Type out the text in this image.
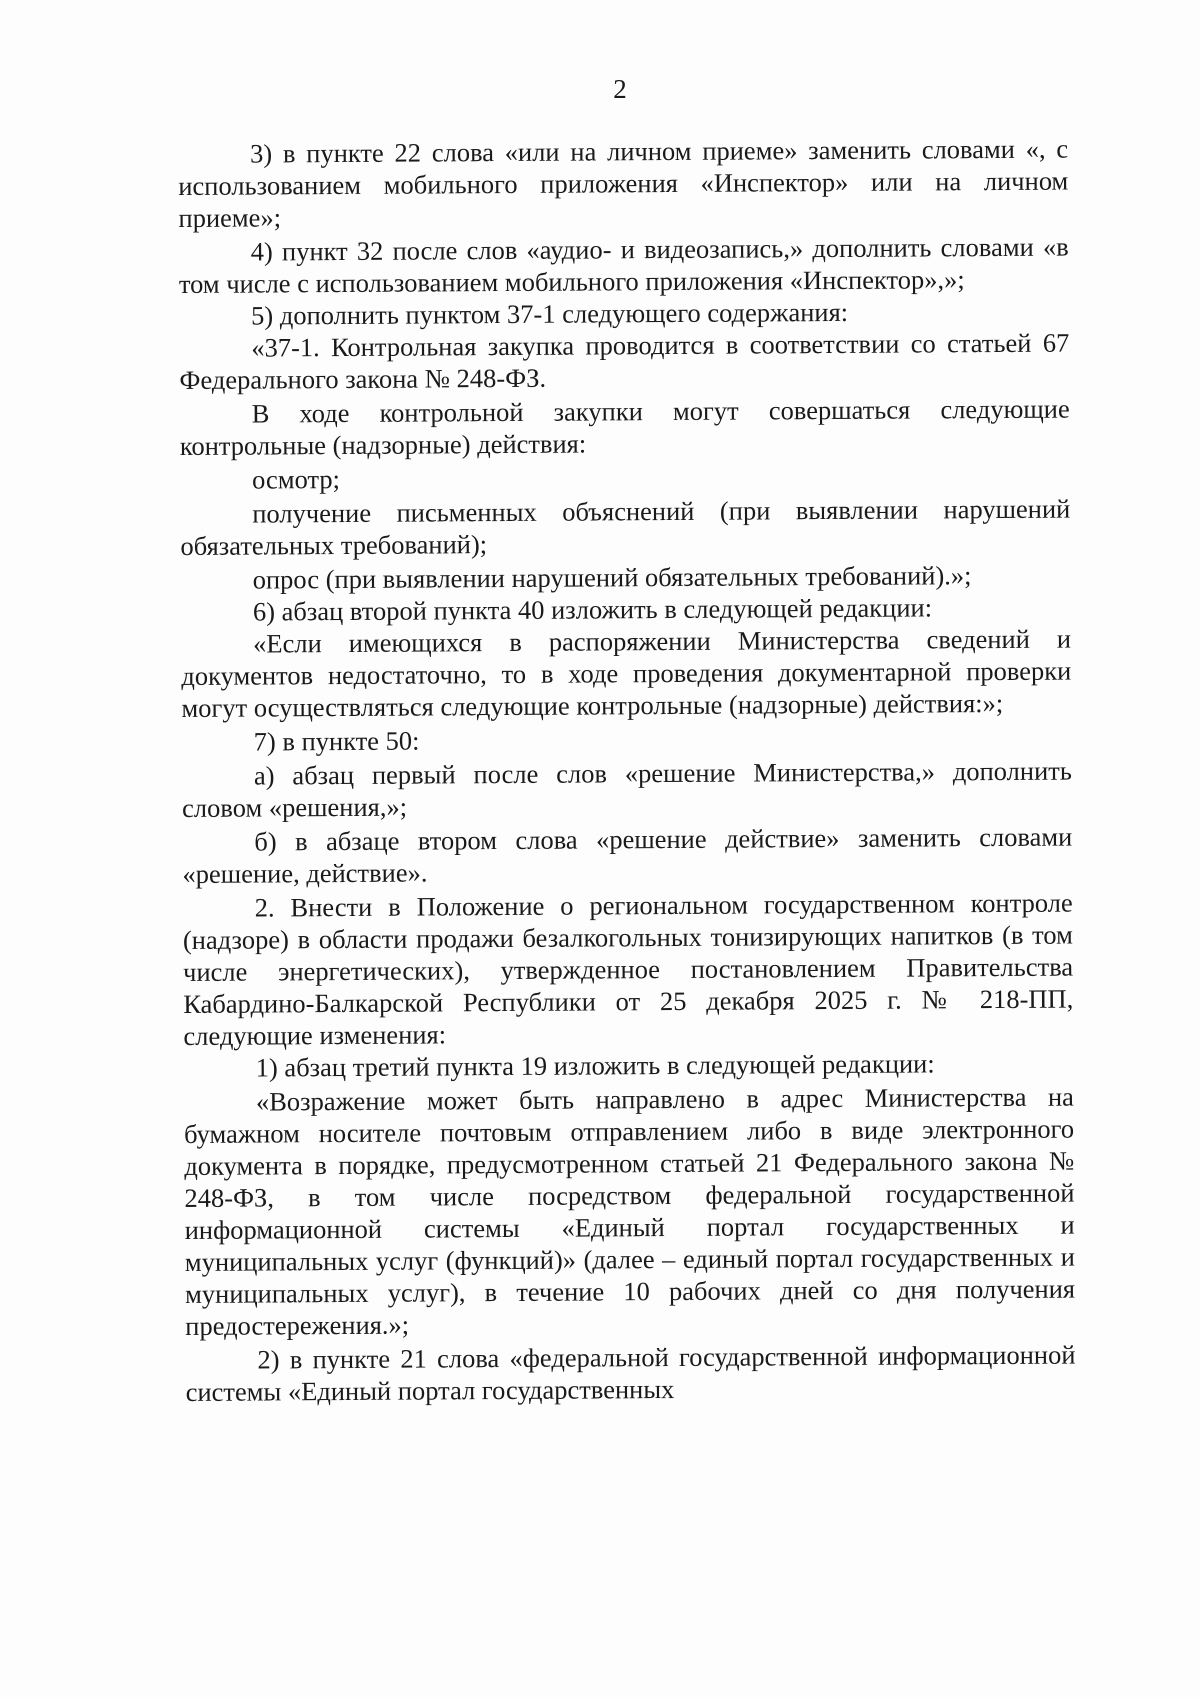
2

3) в пункте 22 слова «или на личном приеме» заменить словами «, с использованием мобильного приложения «Инспектор» или на личном приеме»;

4) пункт 32 после слов «аудио- и видеозапись,» дополнить словами «в том числе с использованием мобильного приложения «Инспектор»,»;

5) дополнить пунктом 37-1 следующего содержания:

«37-1. Контрольная закупка проводится в соответствии со статьей 67 Федерального закона № 248-ФЗ.

В ходе контрольной закупки могут совершаться следующие контрольные (надзорные) действия:

осмотр;

получение письменных объяснений (при выявлении нарушений обязательных требований);

опрос (при выявлении нарушений обязательных требований).»;

6) абзац второй пункта 40 изложить в следующей редакции:

«Если имеющихся в распоряжении Министерства сведений и документов недостаточно, то в ходе проведения документарной проверки могут осуществляться следующие контрольные (надзорные) действия:»;

7) в пункте 50:

а) абзац первый после слов «решение Министерства,» дополнить словом «решения,»;

б) в абзаце втором слова «решение действие» заменить словами «решение, действие».

2. Внести в Положение о региональном государственном контроле (надзоре) в области продажи безалкогольных тонизирующих напитков (в том числе энергетических), утвержденное постановлением Правительства Кабардино-Балкарской Республики от 25 декабря 2025 г. № 218-ПП, следующие изменения:

1) абзац третий пункта 19 изложить в следующей редакции:

«Возражение может быть направлено в адрес Министерства на бумажном носителе почтовым отправлением либо в виде электронного документа в порядке, предусмотренном статьей 21 Федерального закона № 248-ФЗ, в том числе посредством федеральной государственной информационной системы «Единый портал государственных и муниципальных услуг (функций)» (далее – единый портал государственных и муниципальных услуг), в течение 10 рабочих дней со дня получения предостережения.»;

2) в пункте 21 слова «федеральной государственной информационной системы «Единый портал государственных
